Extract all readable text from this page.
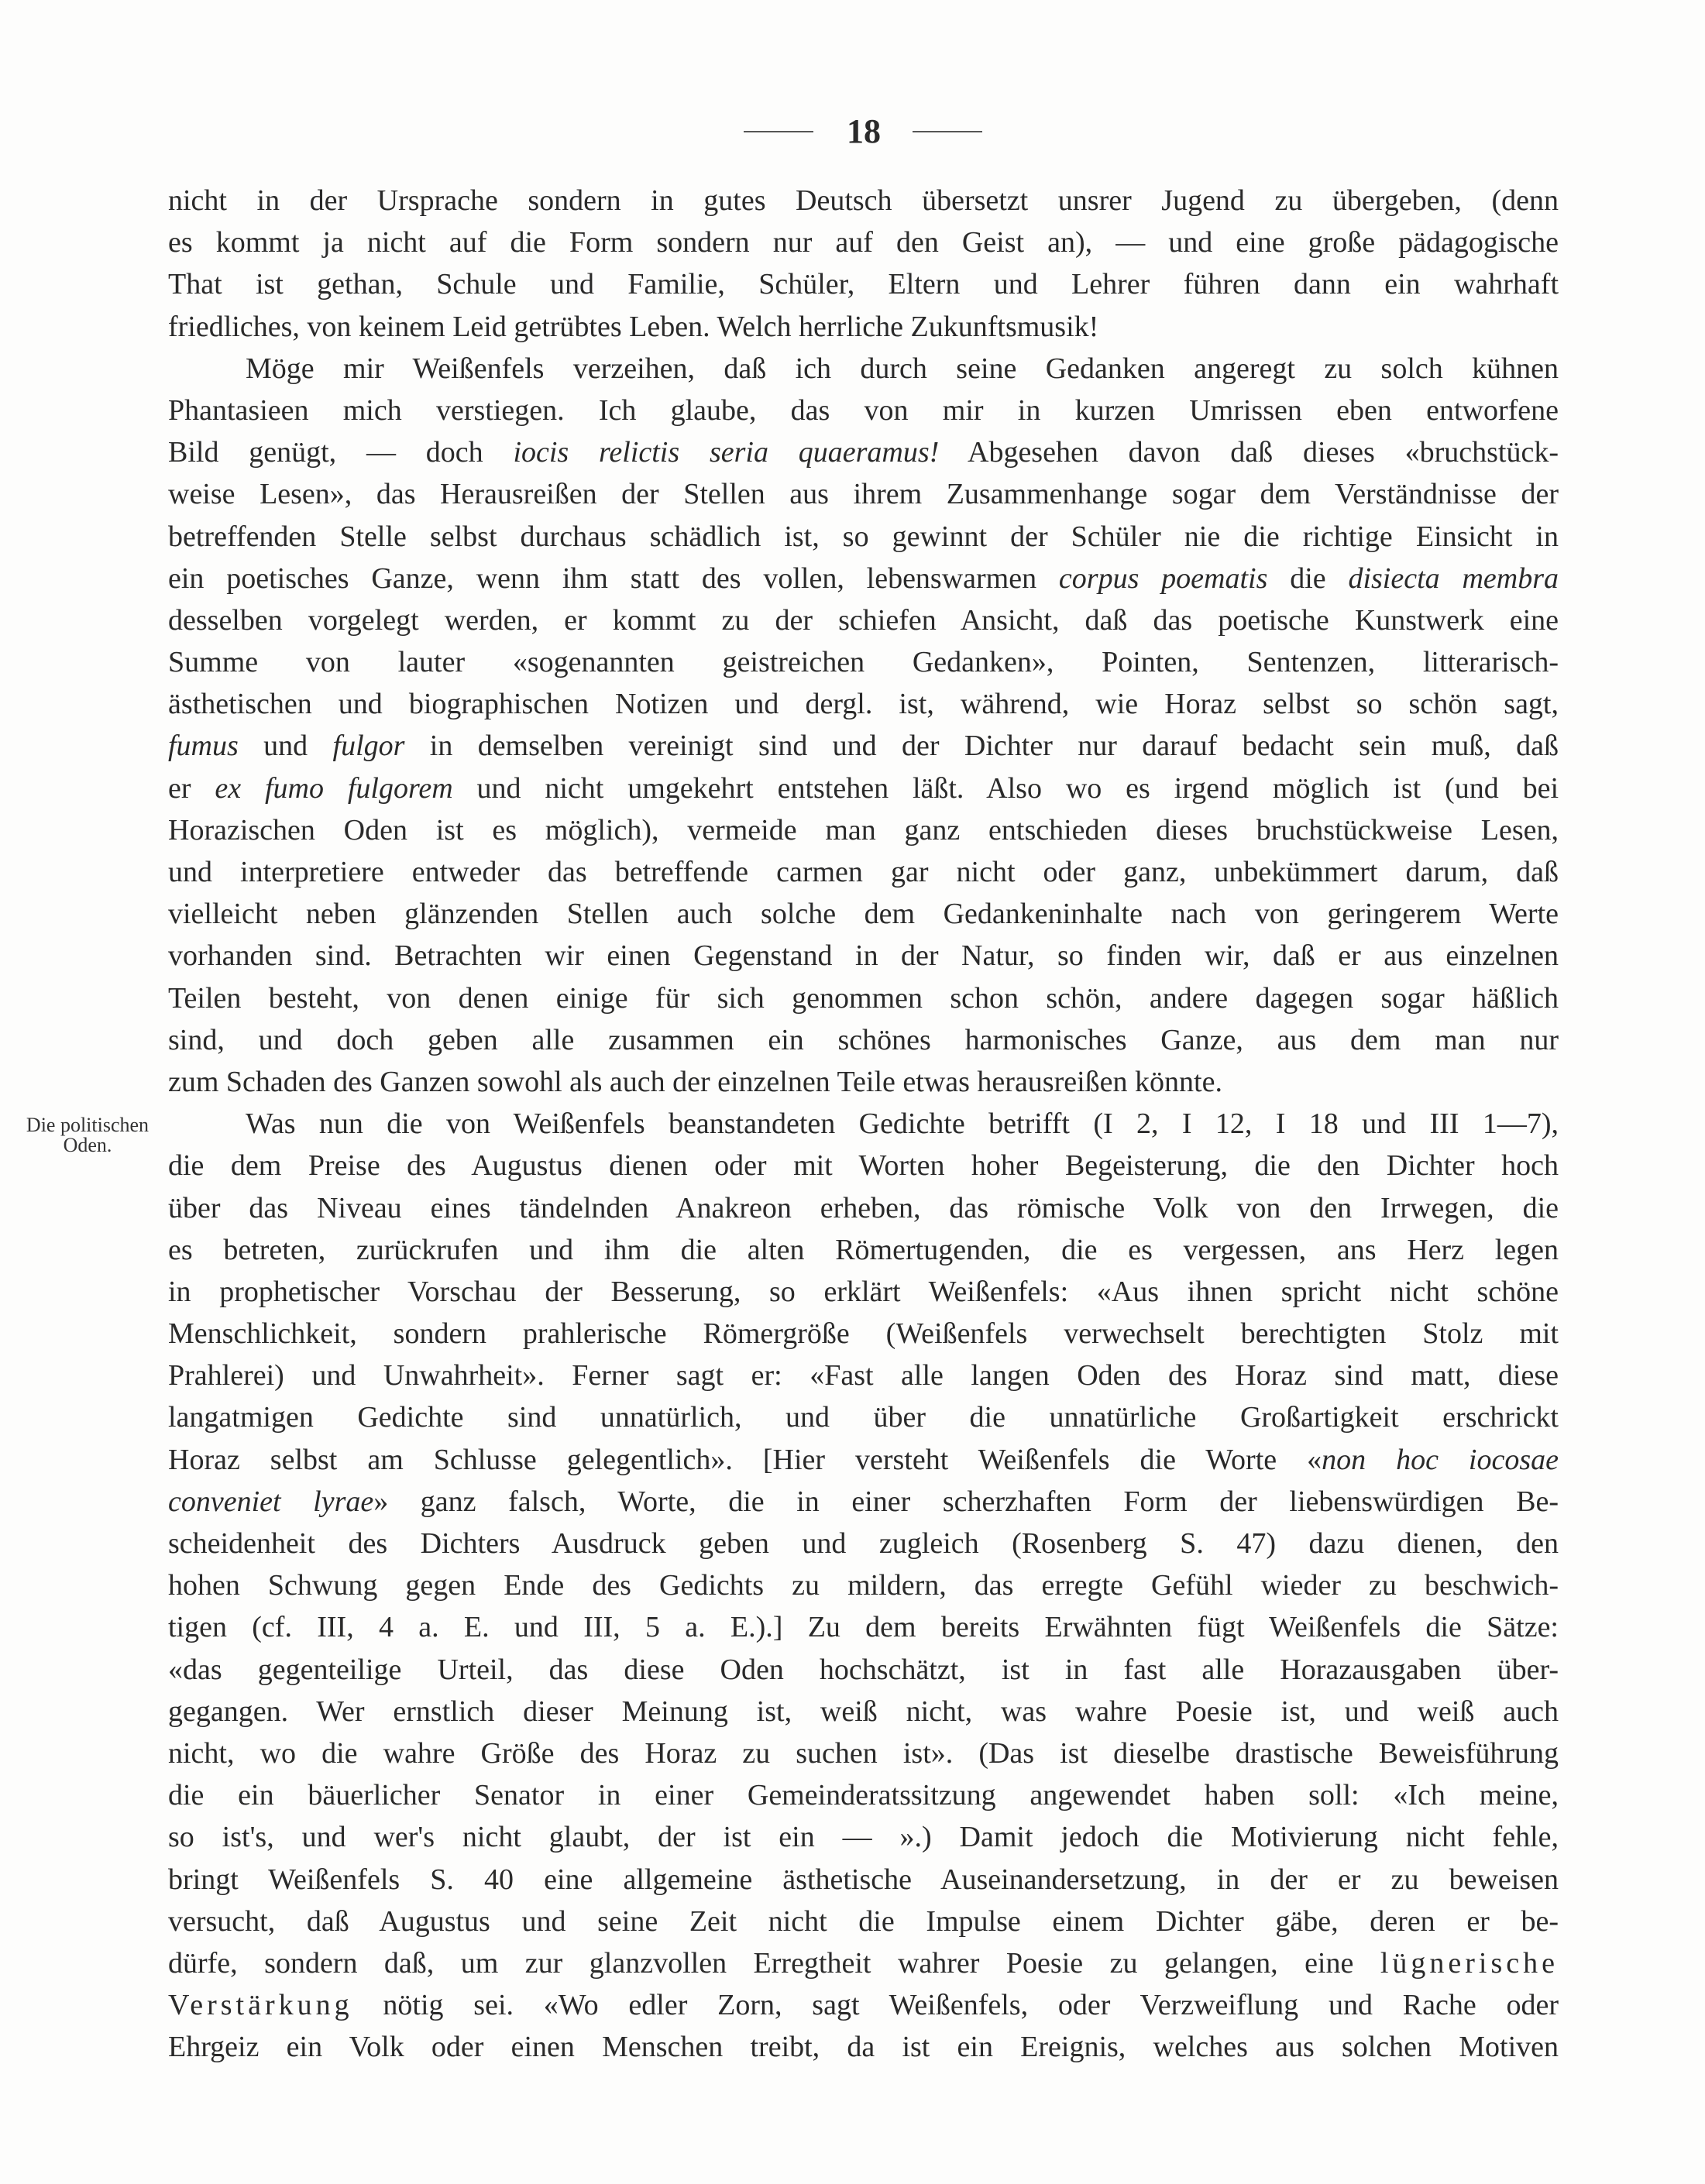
18
Die politischen
Oden.
nicht in der Ursprache sondern in gutes Deutsch übersetzt unsrer Jugend zu übergeben, (denn
es kommt ja nicht auf die Form sondern nur auf den Geist an), — und eine große pädagogische
That ist gethan, Schule und Familie, Schüler, Eltern und Lehrer führen dann ein wahrhaft
friedliches, von keinem Leid getrübtes Leben. Welch herrliche Zukunftsmusik!
Möge mir Weißenfels verzeihen, daß ich durch seine Gedanken angeregt zu solch kühnen
Phantasieen mich verstiegen. Ich glaube, das von mir in kurzen Umrissen eben entworfene
Bild genügt, — doch iocis relictis seria quaeramus! Abgesehen davon daß dieses «bruchstück-
weise Lesen», das Herausreißen der Stellen aus ihrem Zusammenhange sogar dem Verständnisse der
betreffenden Stelle selbst durchaus schädlich ist, so gewinnt der Schüler nie die richtige Einsicht in
ein poetisches Ganze, wenn ihm statt des vollen, lebenswarmen corpus poematis die disiecta membra
desselben vorgelegt werden, er kommt zu der schiefen Ansicht, daß das poetische Kunstwerk eine
Summe von lauter «sogenannten geistreichen Gedanken», Pointen, Sentenzen, litterarisch-
ästhetischen und biographischen Notizen und dergl. ist, während, wie Horaz selbst so schön sagt,
fumus und fulgor in demselben vereinigt sind und der Dichter nur darauf bedacht sein muß, daß
er ex fumo fulgorem und nicht umgekehrt entstehen läßt. Also wo es irgend möglich ist (und bei
Horazischen Oden ist es möglich), vermeide man ganz entschieden dieses bruchstückweise Lesen,
und interpretiere entweder das betreffende carmen gar nicht oder ganz, unbekümmert darum, daß
vielleicht neben glänzenden Stellen auch solche dem Gedankeninhalte nach von geringerem Werte
vorhanden sind. Betrachten wir einen Gegenstand in der Natur, so finden wir, daß er aus einzelnen
Teilen besteht, von denen einige für sich genommen schon schön, andere dagegen sogar häßlich
sind, und doch geben alle zusammen ein schönes harmonisches Ganze, aus dem man nur
zum Schaden des Ganzen sowohl als auch der einzelnen Teile etwas herausreißen könnte.
Was nun die von Weißenfels beanstandeten Gedichte betrifft (I 2, I 12, I 18 und III 1—7),
die dem Preise des Augustus dienen oder mit Worten hoher Begeisterung, die den Dichter hoch
über das Niveau eines tändelnden Anakreon erheben, das römische Volk von den Irrwegen, die
es betreten, zurückrufen und ihm die alten Römertugenden, die es vergessen, ans Herz legen
in prophetischer Vorschau der Besserung, so erklärt Weißenfels: «Aus ihnen spricht nicht schöne
Menschlichkeit, sondern prahlerische Römergröße (Weißenfels verwechselt berechtigten Stolz mit
Prahlerei) und Unwahrheit». Ferner sagt er: «Fast alle langen Oden des Horaz sind matt, diese
langatmigen Gedichte sind unnatürlich, und über die unnatürliche Großartigkeit erschrickt
Horaz selbst am Schlusse gelegentlich». [Hier versteht Weißenfels die Worte «non hoc iocosae
conveniet lyrae» ganz falsch, Worte, die in einer scherzhaften Form der liebenswürdigen Be-
scheidenheit des Dichters Ausdruck geben und zugleich (Rosenberg S. 47) dazu dienen, den
hohen Schwung gegen Ende des Gedichts zu mildern, das erregte Gefühl wieder zu beschwich-
tigen (cf. III, 4 a. E. und III, 5 a. E.).] Zu dem bereits Erwähnten fügt Weißenfels die Sätze:
«das gegenteilige Urteil, das diese Oden hochschätzt, ist in fast alle Horazausgaben über-
gegangen. Wer ernstlich dieser Meinung ist, weiß nicht, was wahre Poesie ist, und weiß auch
nicht, wo die wahre Größe des Horaz zu suchen ist». (Das ist dieselbe drastische Beweisführung
die ein bäuerlicher Senator in einer Gemeinderatssitzung angewendet haben soll: «Ich meine,
so ist's, und wer's nicht glaubt, der ist ein — ».) Damit jedoch die Motivierung nicht fehle,
bringt Weißenfels S. 40 eine allgemeine ästhetische Auseinandersetzung, in der er zu beweisen
versucht, daß Augustus und seine Zeit nicht die Impulse einem Dichter gäbe, deren er be-
dürfe, sondern daß, um zur glanzvollen Erregtheit wahrer Poesie zu gelangen, eine lügnerische
Verstärkung nötig sei. «Wo edler Zorn, sagt Weißenfels, oder Verzweiflung und Rache oder
Ehrgeiz ein Volk oder einen Menschen treibt, da ist ein Ereignis, welches aus solchen Motiven
